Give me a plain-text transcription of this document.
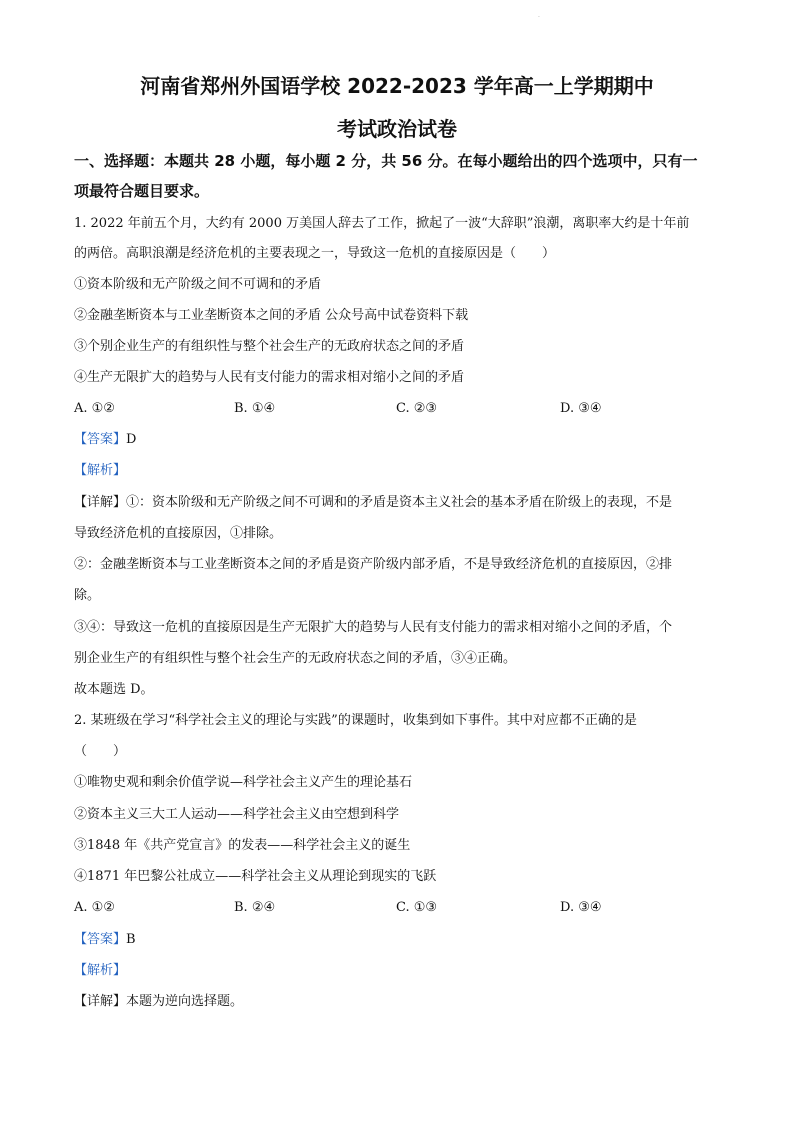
·
河南省郑州外国语学校 2022-2023 学年高一上学期期中
考试政治试卷
一、选择题：本题共 28 小题，每小题 2 分，共 56 分。在每小题给出的四个选项中，只有一
项最符合题目要求。
1. 2022 年前五个月，大约有 2000 万美国人辞去了工作，掀起了一波“大辞职”浪潮，离职率大约是十年前
的两倍。高职浪潮是经济危机的主要表现之一，导致这一危机的直接原因是（　　）
①资本阶级和无产阶级之间不可调和的矛盾
②金融垄断资本与工业垄断资本之间的矛盾 公众号高中试卷资料下载
③个别企业生产的有组织性与整个社会生产的无政府状态之间的矛盾
④生产无限扩大的趋势与人民有支付能力的需求相对缩小之间的矛盾
A. ①②	B. ①④	C. ②③	D. ③④
【答案】D
【解析】
【详解】①：资本阶级和无产阶级之间不可调和的矛盾是资本主义社会的基本矛盾在阶级上的表现，不是
导致经济危机的直接原因，①排除。
②：金融垄断资本与工业垄断资本之间的矛盾是资产阶级内部矛盾，不是导致经济危机的直接原因，②排
除。
③④：导致这一危机的直接原因是生产无限扩大的趋势与人民有支付能力的需求相对缩小之间的矛盾，个
别企业生产的有组织性与整个社会生产的无政府状态之间的矛盾，③④正确。
故本题选 D。
2. 某班级在学习“科学社会主义的理论与实践”的课题时，收集到如下事件。其中对应都不正确的是
（　　）
①唯物史观和剩余价值学说—科学社会主义产生的理论基石
②资本主义三大工人运动——科学社会主义由空想到科学
③1848 年《共产党宣言》的发表——科学社会主义的诞生
④1871 年巴黎公社成立——科学社会主义从理论到现实的飞跃
A. ①②	B. ②④	C. ①③	D. ③④
【答案】B
【解析】
【详解】本题为逆向选择题。
